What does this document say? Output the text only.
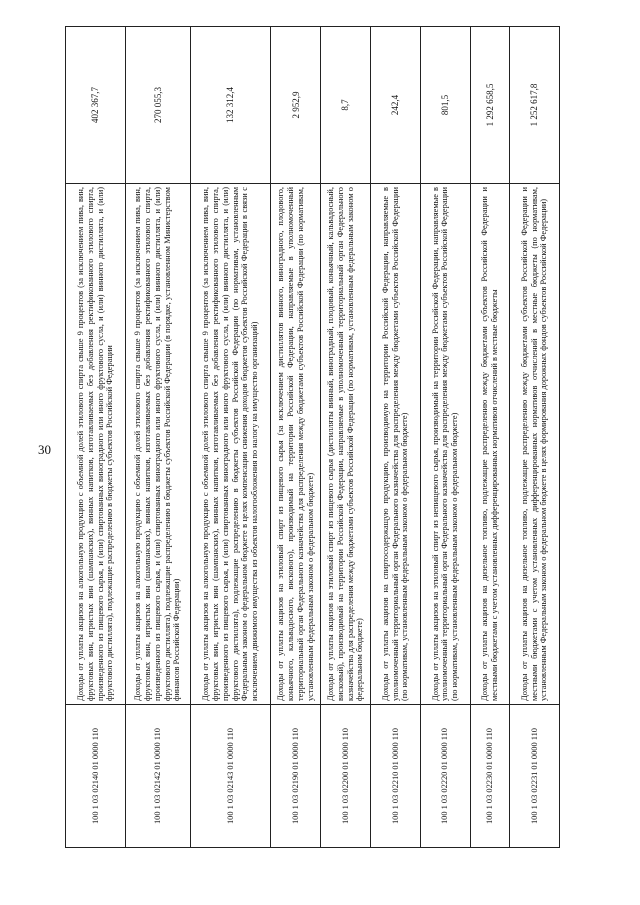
30
100 1 03 02140 01 0000 110	Доходы от уплаты акцизов на алкогольную продукцию с объемной долей этилового спирта свыше 9 процентов (за исключением пива, вин, фруктовых вин, игристых вин (шампанских), винных напитков, изготавливаемых без добавления ректификованного этилового спирта, произведенного из пищевого сырья, и (или) спиртованных виноградного или иного фруктового сусла, и (или) винного дистиллята, и (или) фруктового дистиллята), подлежащие распределению в бюджеты субъектов Российской Федерации	402 367,7
100 1 03 02142 01 0000 110	Доходы от уплаты акцизов на алкогольную продукцию с объемной долей этилового спирта свыше 9 процентов (за исключением пива, вин, фруктовых вин, игристых вин (шампанских), винных напитков, изготавливаемых без добавления ректификованного этилового спирта, произведенного из пищевого сырья, и (или) спиртованных виноградного или иного фруктового сусла, и (или) винного дистиллята, и (или) фруктового дистиллята), подлежащие распределению в бюджеты субъектов Российской Федерации (в порядке, установленном Министерством финансов Российской Федерации)	270 055,3
100 1 03 02143 01 0000 110	Доходы от уплаты акцизов на алкогольную продукцию с объемной долей этилового спирта свыше 9 процентов (за исключением пива, вин, фруктовых вин, игристых вин (шампанских), винных напитков, изготавливаемых без добавления ректификованного этилового спирта, произведенного из пищевого сырья, и (или) спиртованных виноградного или иного фруктового сусла, и (или) винного дистиллята, и (или) фруктового дистиллята), подлежащие распределению в бюджеты субъектов Российской Федерации (по нормативам, установленным Федеральным законом о федеральном бюджете в целях компенсации снижения доходов бюджетов субъектов Российской Федерации в связи с исключением движимого имущества из объектов налогообложения по налогу на имущество организаций)	132 312,4
100 1 03 02190 01 0000 110	Доходы от уплаты акцизов на этиловый спирт из пищевого сырья (за исключением дистиллятов винного, виноградного, плодового, коньячного, кальвадосного, вискового), производимый на территории Российской Федерации, направляемые в уполномоченный территориальный орган Федерального казначейства для распределения между бюджетами субъектов Российской Федерации (по нормативам, установленным федеральным законом о федеральном бюджете)	2 952,9
100 1 03 02200 01 0000 110	Доходы от уплаты акцизов на этиловый спирт из пищевого сырья (дистилляты винный, виноградный, плодовый, коньячный, кальвадосный, висковый), производимый на территории Российской Федерации, направляемые в уполномоченный территориальный орган Федерального казначейства для распределения между бюджетами субъектов Российской Федерации (по нормативам, установленным федеральным законом о федеральном бюджете)	8,7
100 1 03 02210 01 0000 110	Доходы от уплаты акцизов на спиртосодержащую продукцию, производимую на территории Российской Федерации, направляемые в уполномоченный территориальный орган Федерального казначейства для распределения между бюджетами субъектов Российской Федерации (по нормативам, установленным федеральным законом о федеральном бюджете)	242,4
100 1 03 02220 01 0000 110	Доходы от уплаты акцизов на этиловый спирт из непищевого сырья, производимый на территории Российской Федерации, направляемые в уполномоченный территориальный орган Федерального казначейства для распределения между бюджетами субъектов Российской Федерации (по нормативам, установленным федеральным законом о федеральном бюджете)	801,5
100 1 03 02230 01 0000 110	Доходы от уплаты акцизов на дизельное топливо, подлежащие распределению между бюджетами субъектов Российской Федерации и местными бюджетами с учетом установленных дифференцированных нормативов отчислений в местные бюджеты	1 292 658,5
100 1 03 02231 01 0000 110	Доходы от уплаты акцизов на дизельное топливо, подлежащие распределению между бюджетами субъектов Российской Федерации и местными бюджетами с учетом установленных дифференцированных нормативов отчислений в местные бюджеты (по нормативам, установленным Федеральным законом о федеральном бюджете в целях формирования дорожных фондов субъектов Российской Федерации)	1 252 617,8
